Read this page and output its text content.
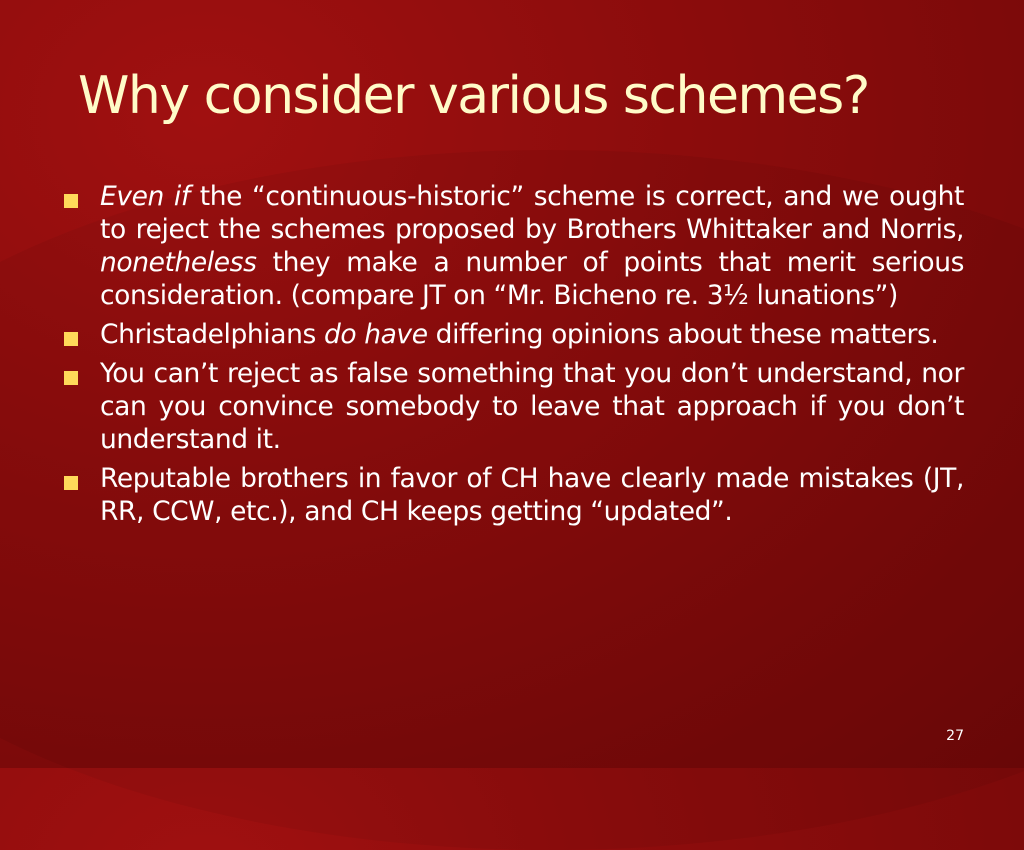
Why consider various schemes?
Even if the “continuous-historic” scheme is correct, and we ought to reject the schemes proposed by Brothers Whittaker and Norris, nonetheless they make a number of points that merit serious consideration. (compare JT on “Mr. Bicheno re. 3½ lunations”)
Christadelphians do have differing opinions about these matters.
You can’t reject as false something that you don’t understand, nor can you convince somebody to leave that approach if you don’t understand it.
Reputable brothers in favor of CH have clearly made mistakes (JT, RR, CCW, etc.), and CH keeps getting “updated”.
27
